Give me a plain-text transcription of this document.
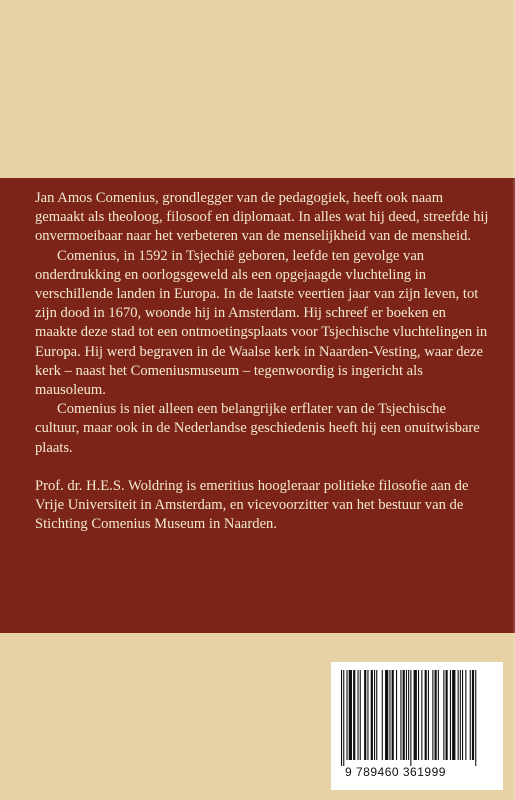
Jan Amos Comenius, grondlegger van de pedagogiek, heeft ook naam gemaakt als theoloog, filosoof en diplomaat. In alles wat hij deed, streefde hij onvermoeibaar naar het verbeteren van de menselijkheid van de mensheid.

Comenius, in 1592 in Tsjechië geboren, leefde ten gevolge van onderdrukking en oorlogsgeweld als een opgejaagde vluchteling in verschillende landen in Europa. In de laatste veertien jaar van zijn leven, tot zijn dood in 1670, woonde hij in Amsterdam. Hij schreef er boeken en maakte deze stad tot een ontmoetingsplaats voor Tsjechische vluchtelingen in Europa. Hij werd begraven in de Waalse kerk in Naarden-Vesting, waar deze kerk – naast het Comeniusmuseum – tegenwoordig is ingericht als mausoleum.

Comenius is niet alleen een belangrijke erflater van de Tsjechische cultuur, maar ook in de Nederlandse geschiedenis heeft hij een onuitwisbare plaats.

Prof. dr. H.E.S. Woldring is emeritius hoogleraar politieke filosofie aan de Vrije Universiteit in Amsterdam, en vicevoorzitter van het bestuur van de Stichting Comenius Museum in Naarden.

9 789460 361999
